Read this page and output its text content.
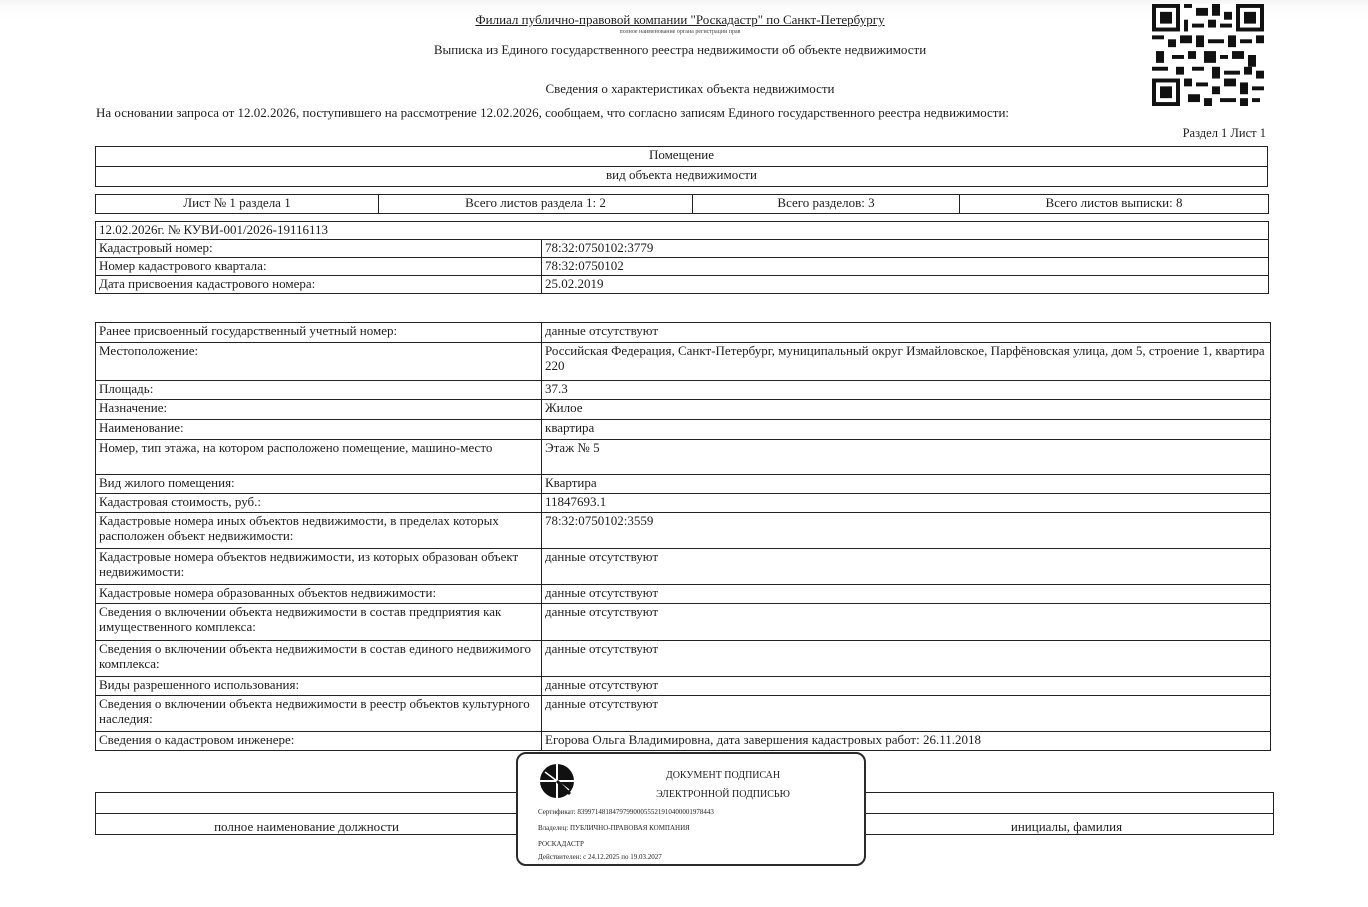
Филиал публично-правовой компании "Роскадастр" по Санкт-Петербургу
полное наименование органа регистрации прав
Выписка из Единого государственного реестра недвижимости об объекте недвижимости
Сведения о характеристиках объекта недвижимости
На основании запроса от 12.02.2026, поступившего на рассмотрение 12.02.2026, сообщаем, что согласно записям Единого государственного реестра недвижимости:
Раздел 1 Лист 1
Помещение
вид объекта недвижимости
Лист № 1 раздела 1	Всего листов раздела 1: 2	Всего разделов: 3	Всего листов выписки: 8
12.02.2026г. № КУВИ-001/2026-19116113	
Кадастровый номер:	78:32:0750102:3779
Номер кадастрового квартала:	78:32:0750102
Дата присвоения кадастрового номера:	25.02.2019
Ранее присвоенный государственный учетный номер:	данные отсутствуют
Местоположение:	Российская Федерация, Санкт-Петербург, муниципальный округ Измайловское, Парфёновская улица, дом 5, строение 1, квартира 220
Площадь:	37.3
Назначение:	Жилое
Наименование:	квартира
Номер, тип этажа, на котором расположено помещение, машино-место	Этаж № 5
Вид жилого помещения:	Квартира
Кадастровая стоимость, руб.:	11847693.1
Кадастровые номера иных объектов недвижимости, в пределах которых расположен объект недвижимости:	78:32:0750102:3559
Кадастровые номера объектов недвижимости, из которых образован объект недвижимости:	данные отсутствуют
Кадастровые номера образованных объектов недвижимости:	данные отсутствуют
Сведения о включении объекта недвижимости в состав предприятия как имущественного комплекса:	данные отсутствуют
Сведения о включении объекта недвижимости в состав единого недвижимого комплекса:	данные отсутствуют
Виды разрешенного использования:	данные отсутствуют
Сведения о включении объекта недвижимости в реестр объектов культурного наследия:	данные отсутствуют
Сведения о кадастровом инженере:	Егорова Ольга Владимировна, дата завершения кадастровых работ: 26.11.2018

полное наименование должности		инициалы, фамилия
ДОКУМЕНТ ПОДПИСАН
ЭЛЕКТРОННОЙ ПОДПИСЬЮ
Сертификат: 839971481847979900055521910400001978443
Владелец: ПУБЛИЧНО-ПРАВОВАЯ КОМПАНИЯ
РОСКАДАСТР
Действителен: с 24.12.2025 по 19.03.2027
